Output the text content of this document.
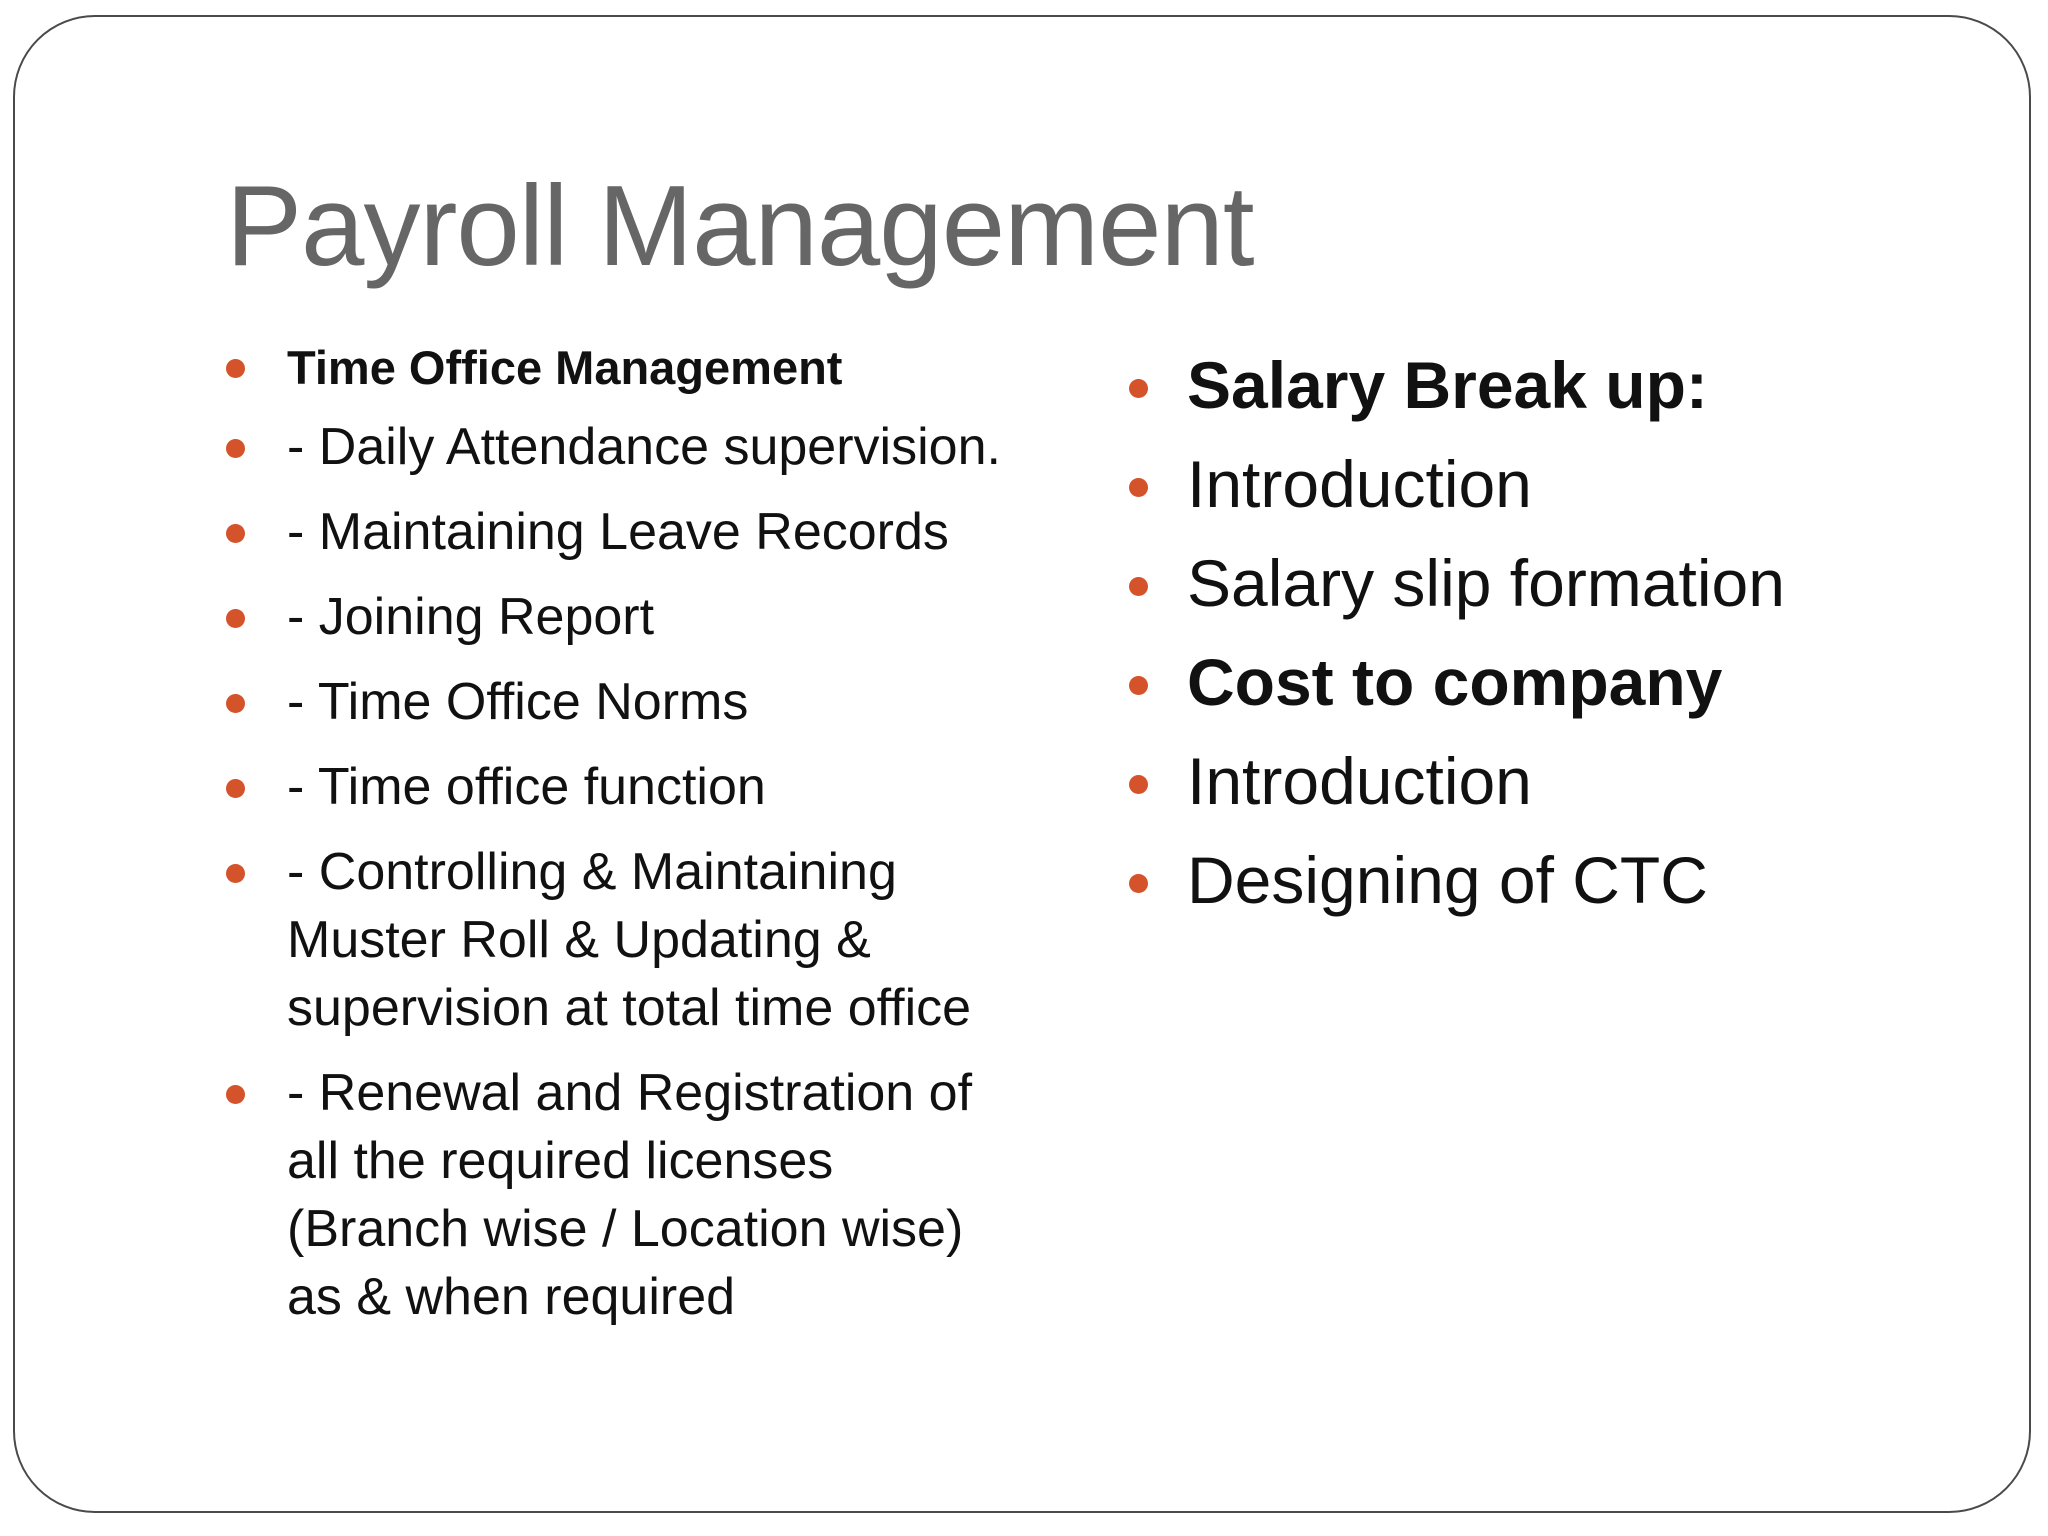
Payroll Management
Time Office Management
- Daily Attendance supervision.
- Maintaining Leave Records
- Joining Report
- Time Office Norms
- Time office function
- Controlling & Maintaining Muster Roll & Updating & supervision at total time office
- Renewal and Registration of all the required licenses (Branch wise / Location wise) as & when required
Salary Break up:
Introduction
Salary slip formation
Cost to company
Introduction
Designing of CTC
